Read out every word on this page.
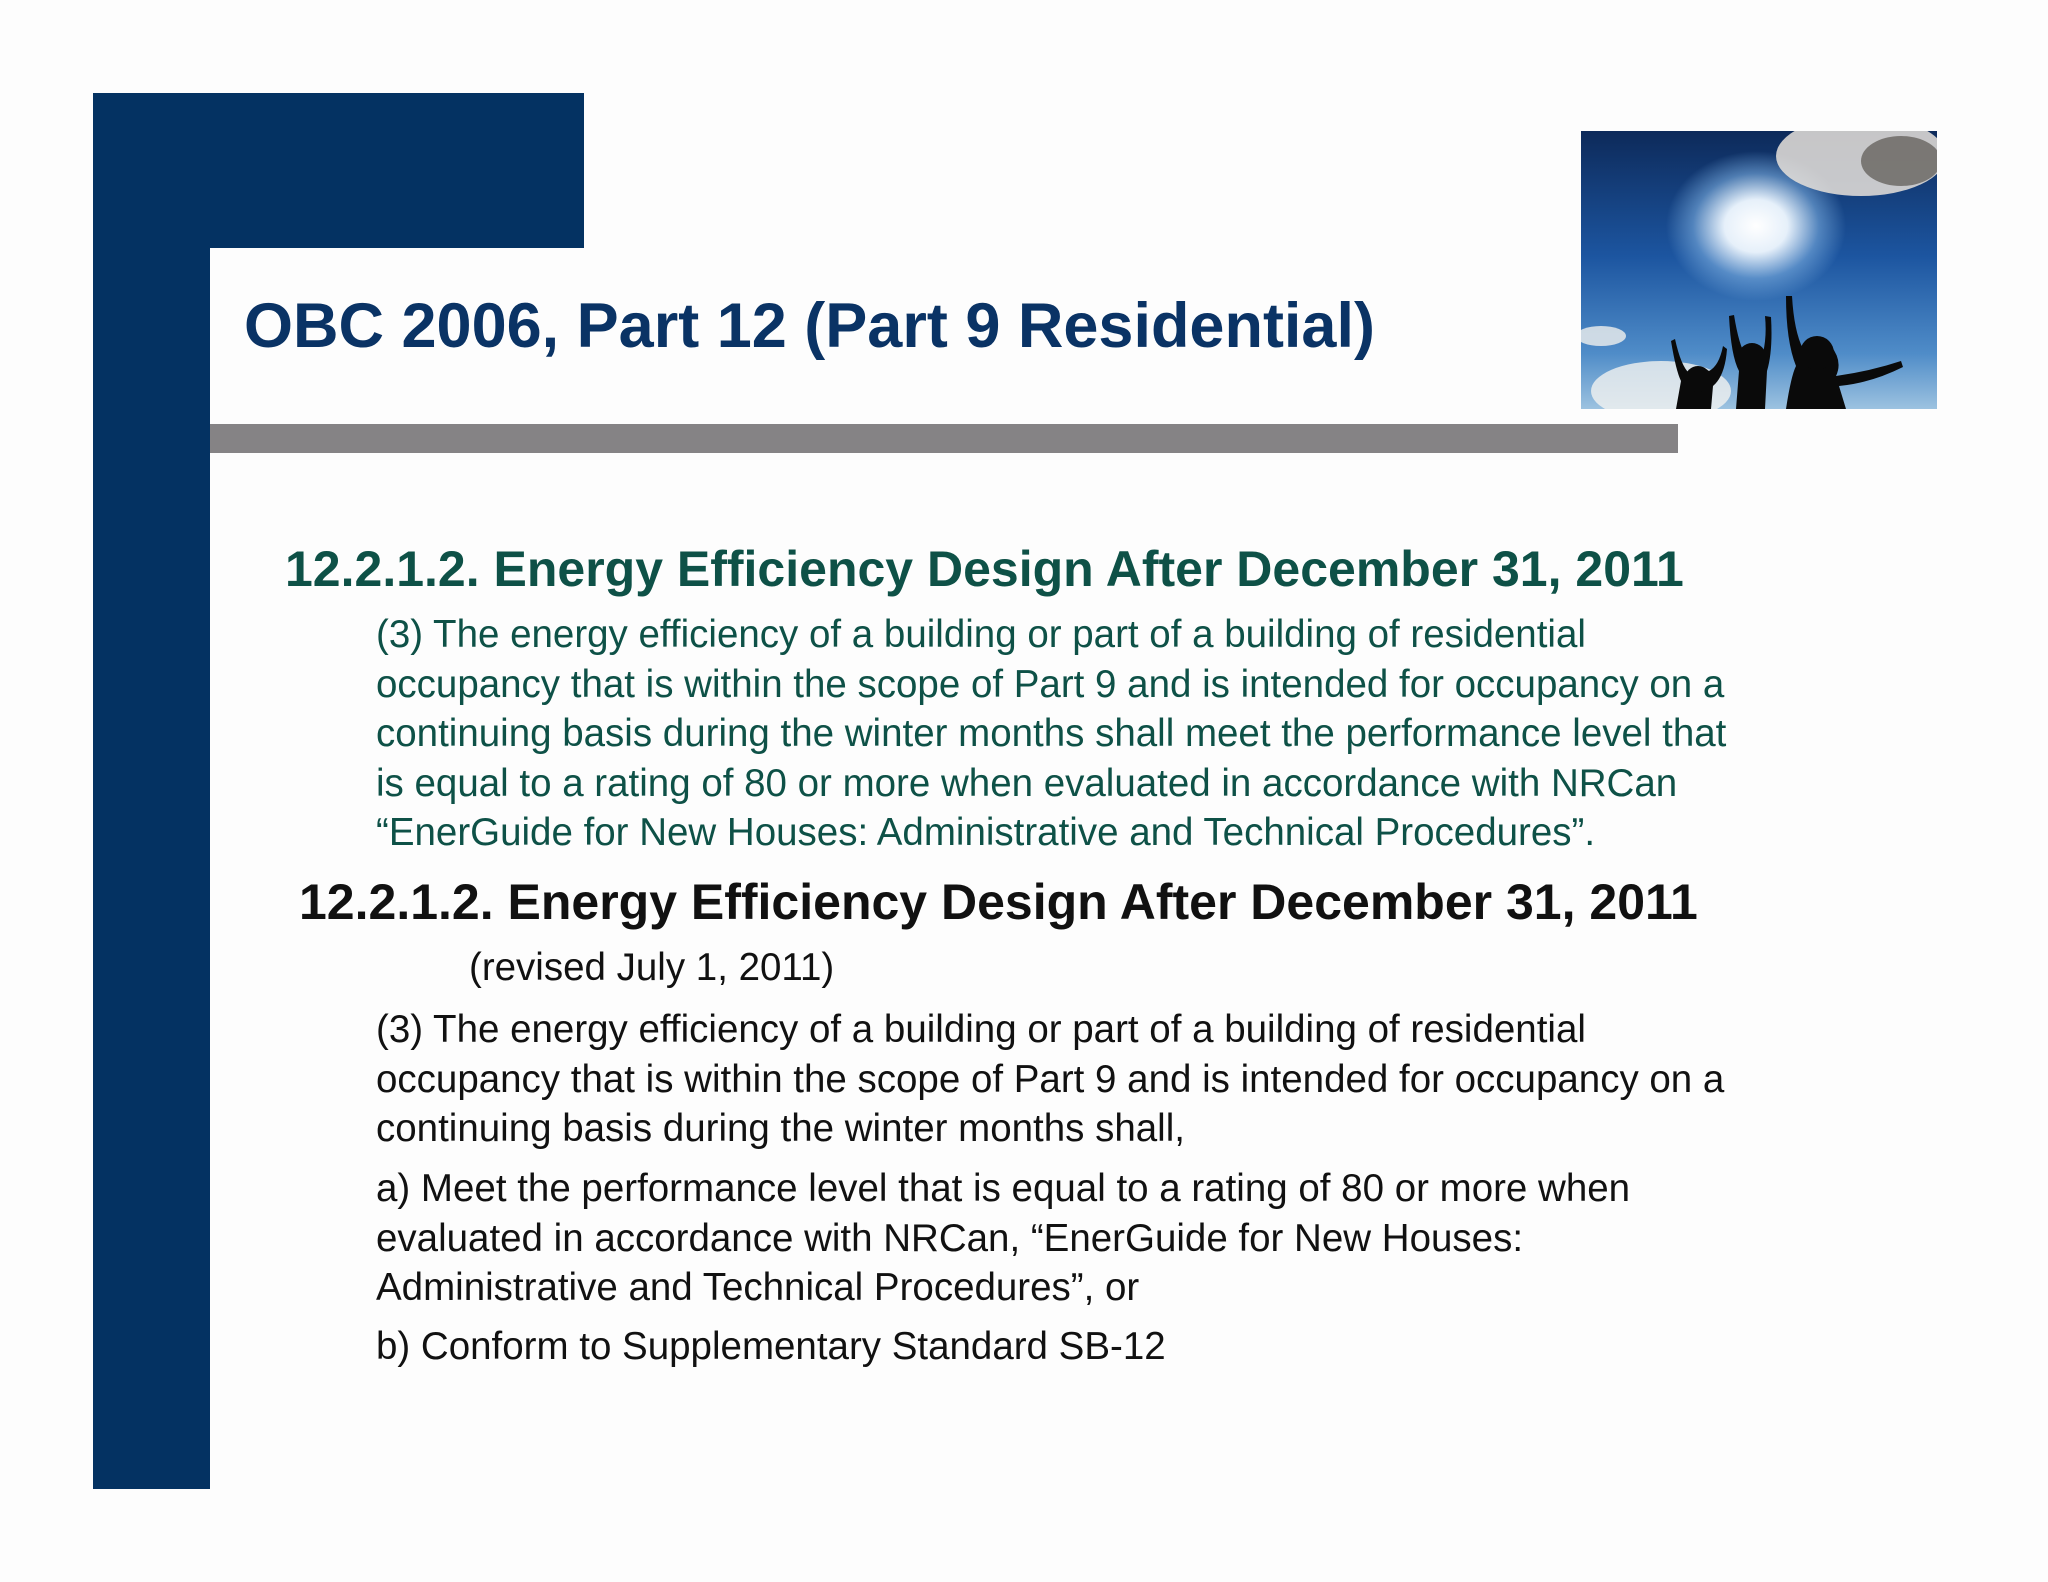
OBC 2006, Part 12 (Part 9 Residential)
12.2.1.2. Energy Efficiency Design After December 31, 2011
(3) The energy efficiency of a building or part of a building of residential
occupancy that is within the scope of Part 9 and is intended for occupancy on a
continuing basis during the winter months shall meet the performance level that
is equal to a rating of 80 or more when evaluated in accordance with NRCan
“EnerGuide for New Houses: Administrative and Technical Procedures”.
12.2.1.2. Energy Efficiency Design After December 31, 2011
(revised July 1, 2011)
(3) The energy efficiency of a building or part of a building of residential
occupancy that is within the scope of Part 9 and is intended for occupancy on a
continuing basis during the winter months shall,
a) Meet the performance level that is equal to a rating of 80 or more when
evaluated in accordance with NRCan, “EnerGuide for New Houses:
Administrative and Technical Procedures”, or
b) Conform to Supplementary Standard SB-12
